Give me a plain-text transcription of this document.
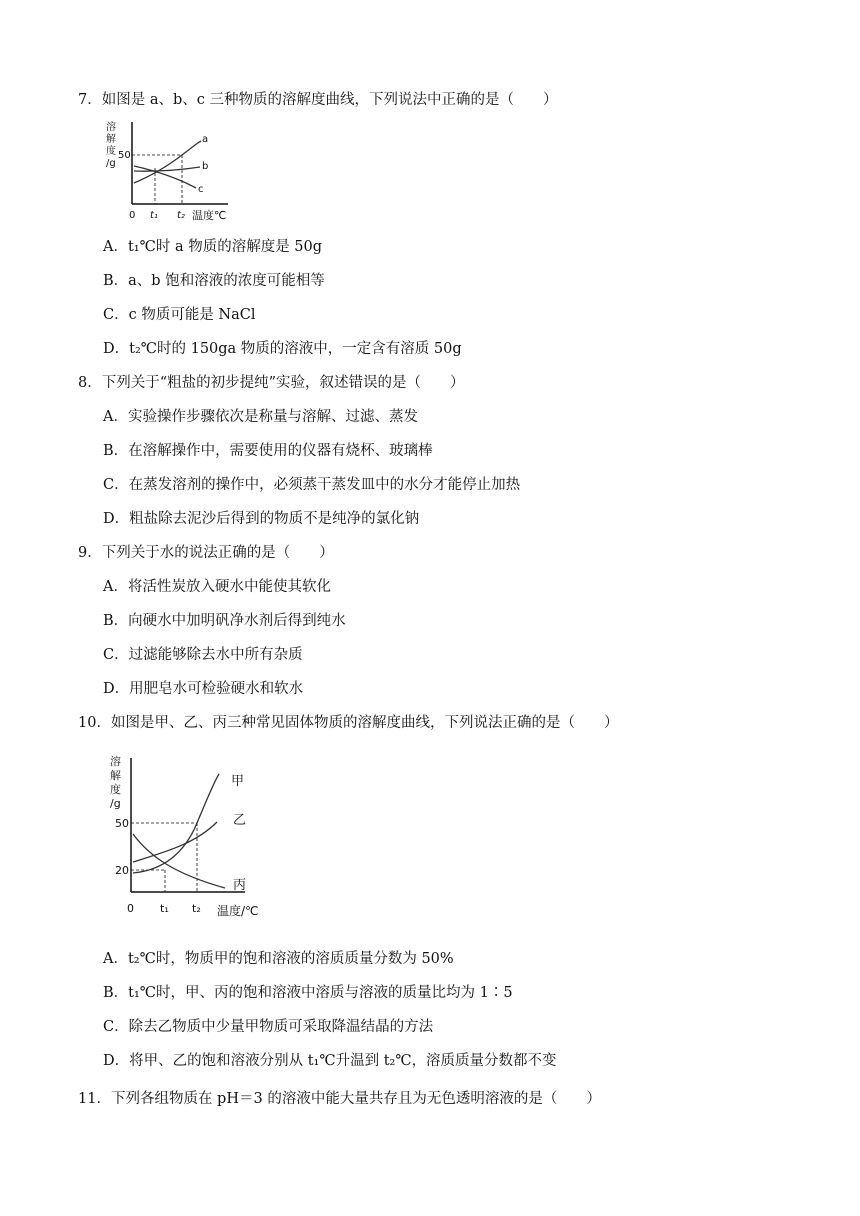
7．如图是 a、b、c 三种物质的溶解度曲线，下列说法中正确的是（　　）
溶
解
度
/g
50
a
b
c
0 t₁ t₂ 温度℃
A．t₁℃时 a 物质的溶解度是 50g
B．a、b 饱和溶液的浓度可能相等
C．c 物质可能是 NaCl
D．t₂℃时的 150ga 物质的溶液中，一定含有溶质 50g
8．下列关于“粗盐的初步提纯”实验，叙述错误的是（　　）
A．实验操作步骤依次是称量与溶解、过滤、蒸发
B．在溶解操作中，需要使用的仪器有烧杯、玻璃棒
C．在蒸发溶剂的操作中，必须蒸干蒸发皿中的水分才能停止加热
D．粗盐除去泥沙后得到的物质不是纯净的氯化钠
9．下列关于水的说法正确的是（　　）
A．将活性炭放入硬水中能使其软化
B．向硬水中加明矾净水剂后得到纯水
C．过滤能够除去水中所有杂质
D．用肥皂水可检验硬水和软水
10．如图是甲、乙、丙三种常见固体物质的溶解度曲线，下列说法正确的是（　　）
溶
解
度
/g
50
20
甲
乙
丙
0 t₁ t₂ 温度/℃
A．t₂℃时，物质甲的饱和溶液的溶质质量分数为 50%
B．t₁℃时，甲、丙的饱和溶液中溶质与溶液的质量比均为 1∶5
C．除去乙物质中少量甲物质可采取降温结晶的方法
D．将甲、乙的饱和溶液分别从 t₁℃升温到 t₂℃，溶质质量分数都不变
11．下列各组物质在 pH＝3 的溶液中能大量共存且为无色透明溶液的是（　　）
